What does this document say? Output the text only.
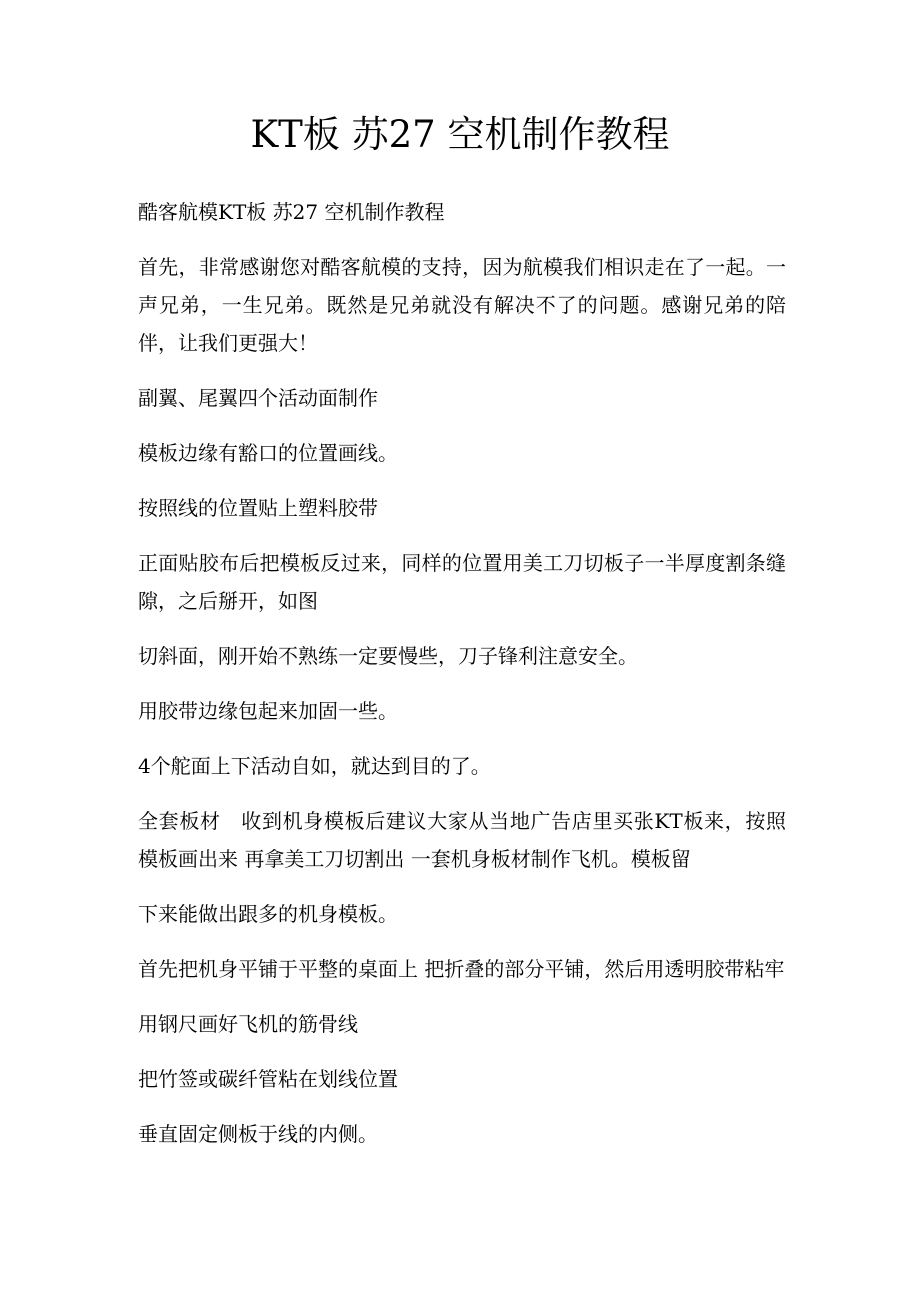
KT板 苏27 空机制作教程

酷客航模KT板 苏27 空机制作教程

首先，非常感谢您对酷客航模的支持，因为航模我们相识走在了一起。一声兄弟，一生兄弟。既然是兄弟就没有解决不了的问题。感谢兄弟的陪伴，让我们更强大！

副翼、尾翼四个活动面制作

模板边缘有豁口的位置画线。

按照线的位置贴上塑料胶带

正面贴胶布后把模板反过来，同样的位置用美工刀切板子一半厚度割条缝隙，之后掰开，如图

切斜面，刚开始不熟练一定要慢些，刀子锋利注意安全。

用胶带边缘包起来加固一些。

4个舵面上下活动自如，就达到目的了。

全套板材　收到机身模板后建议大家从当地广告店里买张KT板来，按照模板画出来 再拿美工刀切割出 一套机身板材制作飞机。模板留

下来能做出跟多的机身模板。

首先把机身平铺于平整的桌面上 把折叠的部分平铺，然后用透明胶带粘牢

用钢尺画好飞机的筋骨线

把竹签或碳纤管粘在划线位置

垂直固定侧板于线的内侧。
